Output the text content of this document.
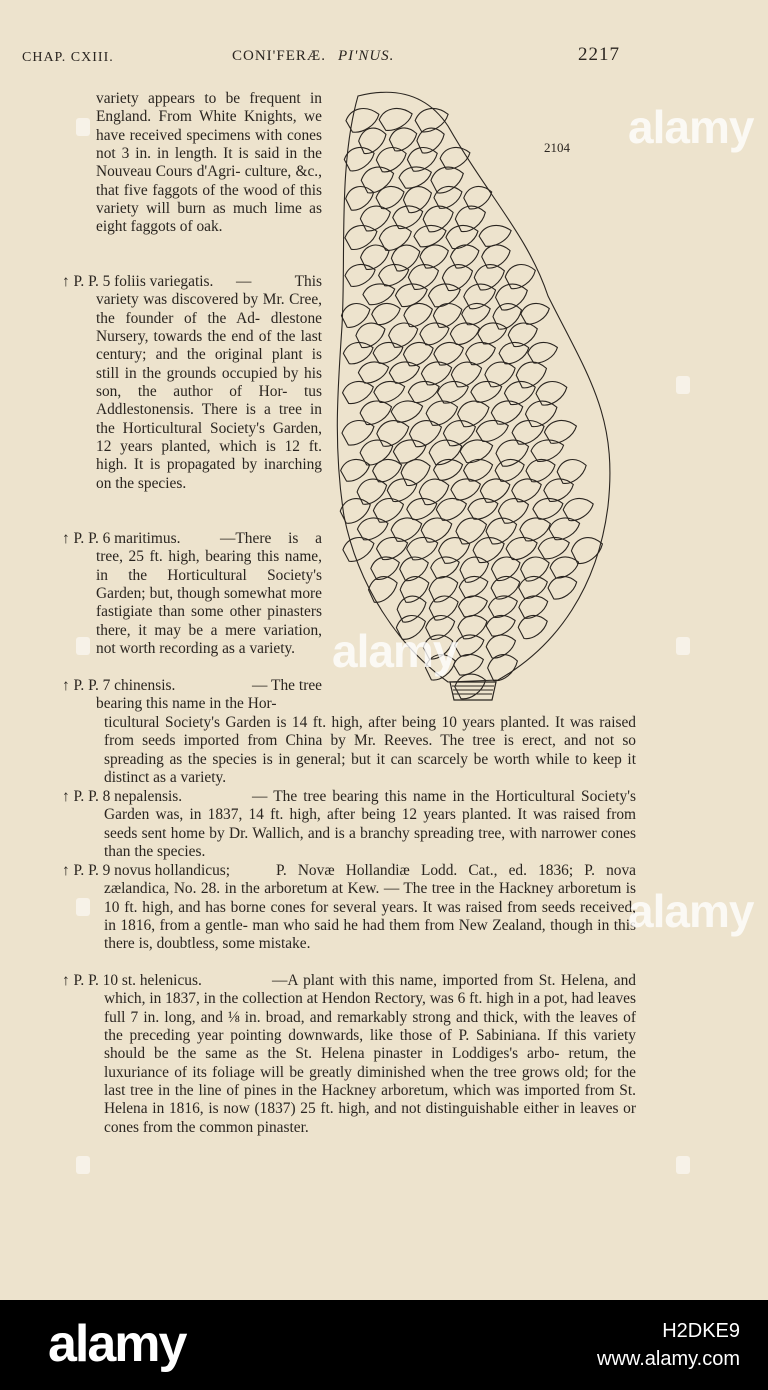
CHAP. CXIII.	CONI'FERÆ. PI'NUS.	2217
2104

variety appears to be frequent in England. From White Knights, we have received specimens with cones not 3 in. in length. It is said in the Nouveau Cours d'Agri- culture, &c., that five faggots of the wood of this variety will burn as much lime as eight faggots of oak.

↑ P. P. 5 foliis variegatis.	— This variety was discovered by Mr. Cree, the founder of the Ad- dlestone Nursery, towards the end of the last century; and the original plant is still in the grounds occupied by his son, the author of Hor- tus Addlestonensis. There is a tree in the Horticultural Society's Garden, 12 years planted, which is 12 ft. high. It is propagated by inarching on the species.

↑ P. P. 6 maritimus.	—There is a tree, 25 ft. high, bearing this name, in the Horticultural Society's Garden; but, though somewhat more fastigiate than some other pinasters there, it may be a mere variation, not worth recording as a variety.

↑ P. P. 7 chinensis.	— The tree bearing this name in the Hor-

ticultural Society's Garden is 14 ft. high, after being 10 years planted. It was raised from seeds imported from China by Mr. Reeves. The tree is erect, and not so spreading as the species is in general; but it can scarcely be worth while to keep it distinct as a variety.

↑ P. P. 8 nepalensis.	— The tree bearing this name in the Horticultural Society's Garden was, in 1837, 14 ft. high, after being 12 years planted. It was raised from seeds sent home by Dr. Wallich, and is a branchy spreading tree, with narrower cones than the species.

↑ P. P. 9 novus hollandicus;	P. Novæ Hollandiæ Lodd. Cat., ed. 1836; P. nova zælandica, No. 28. in the arboretum at Kew. — The tree in the Hackney arboretum is 10 ft. high, and has borne cones for several years. It was raised from seeds received, in 1816, from a gentle- man who said he had them from New Zealand, though in this there is, doubtless, some mistake.

↑ P. P. 10 st. helenicus.	—A plant with this name, imported from St. Helena, and which, in 1837, in the collection at Hendon Rectory, was 6 ft. high in a pot, had leaves full 7 in. long, and ⅛ in. broad, and remarkably strong and thick, with the leaves of the preceding year pointing downwards, like those of P. Sabiniana. If this variety should be the same as the St. Helena pinaster in Loddiges's arbo- retum, the luxuriance of its foliage will be greatly diminished when the tree grows old; for the last tree in the line of pines in the Hackney arboretum, which was imported from St. Helena in 1816, is now (1837) 25 ft. high, and not distinguishable either in leaves or cones from the common pinaster.

alamy
alamy
alamy
alamy	H2DKE9
www.alamy.com
